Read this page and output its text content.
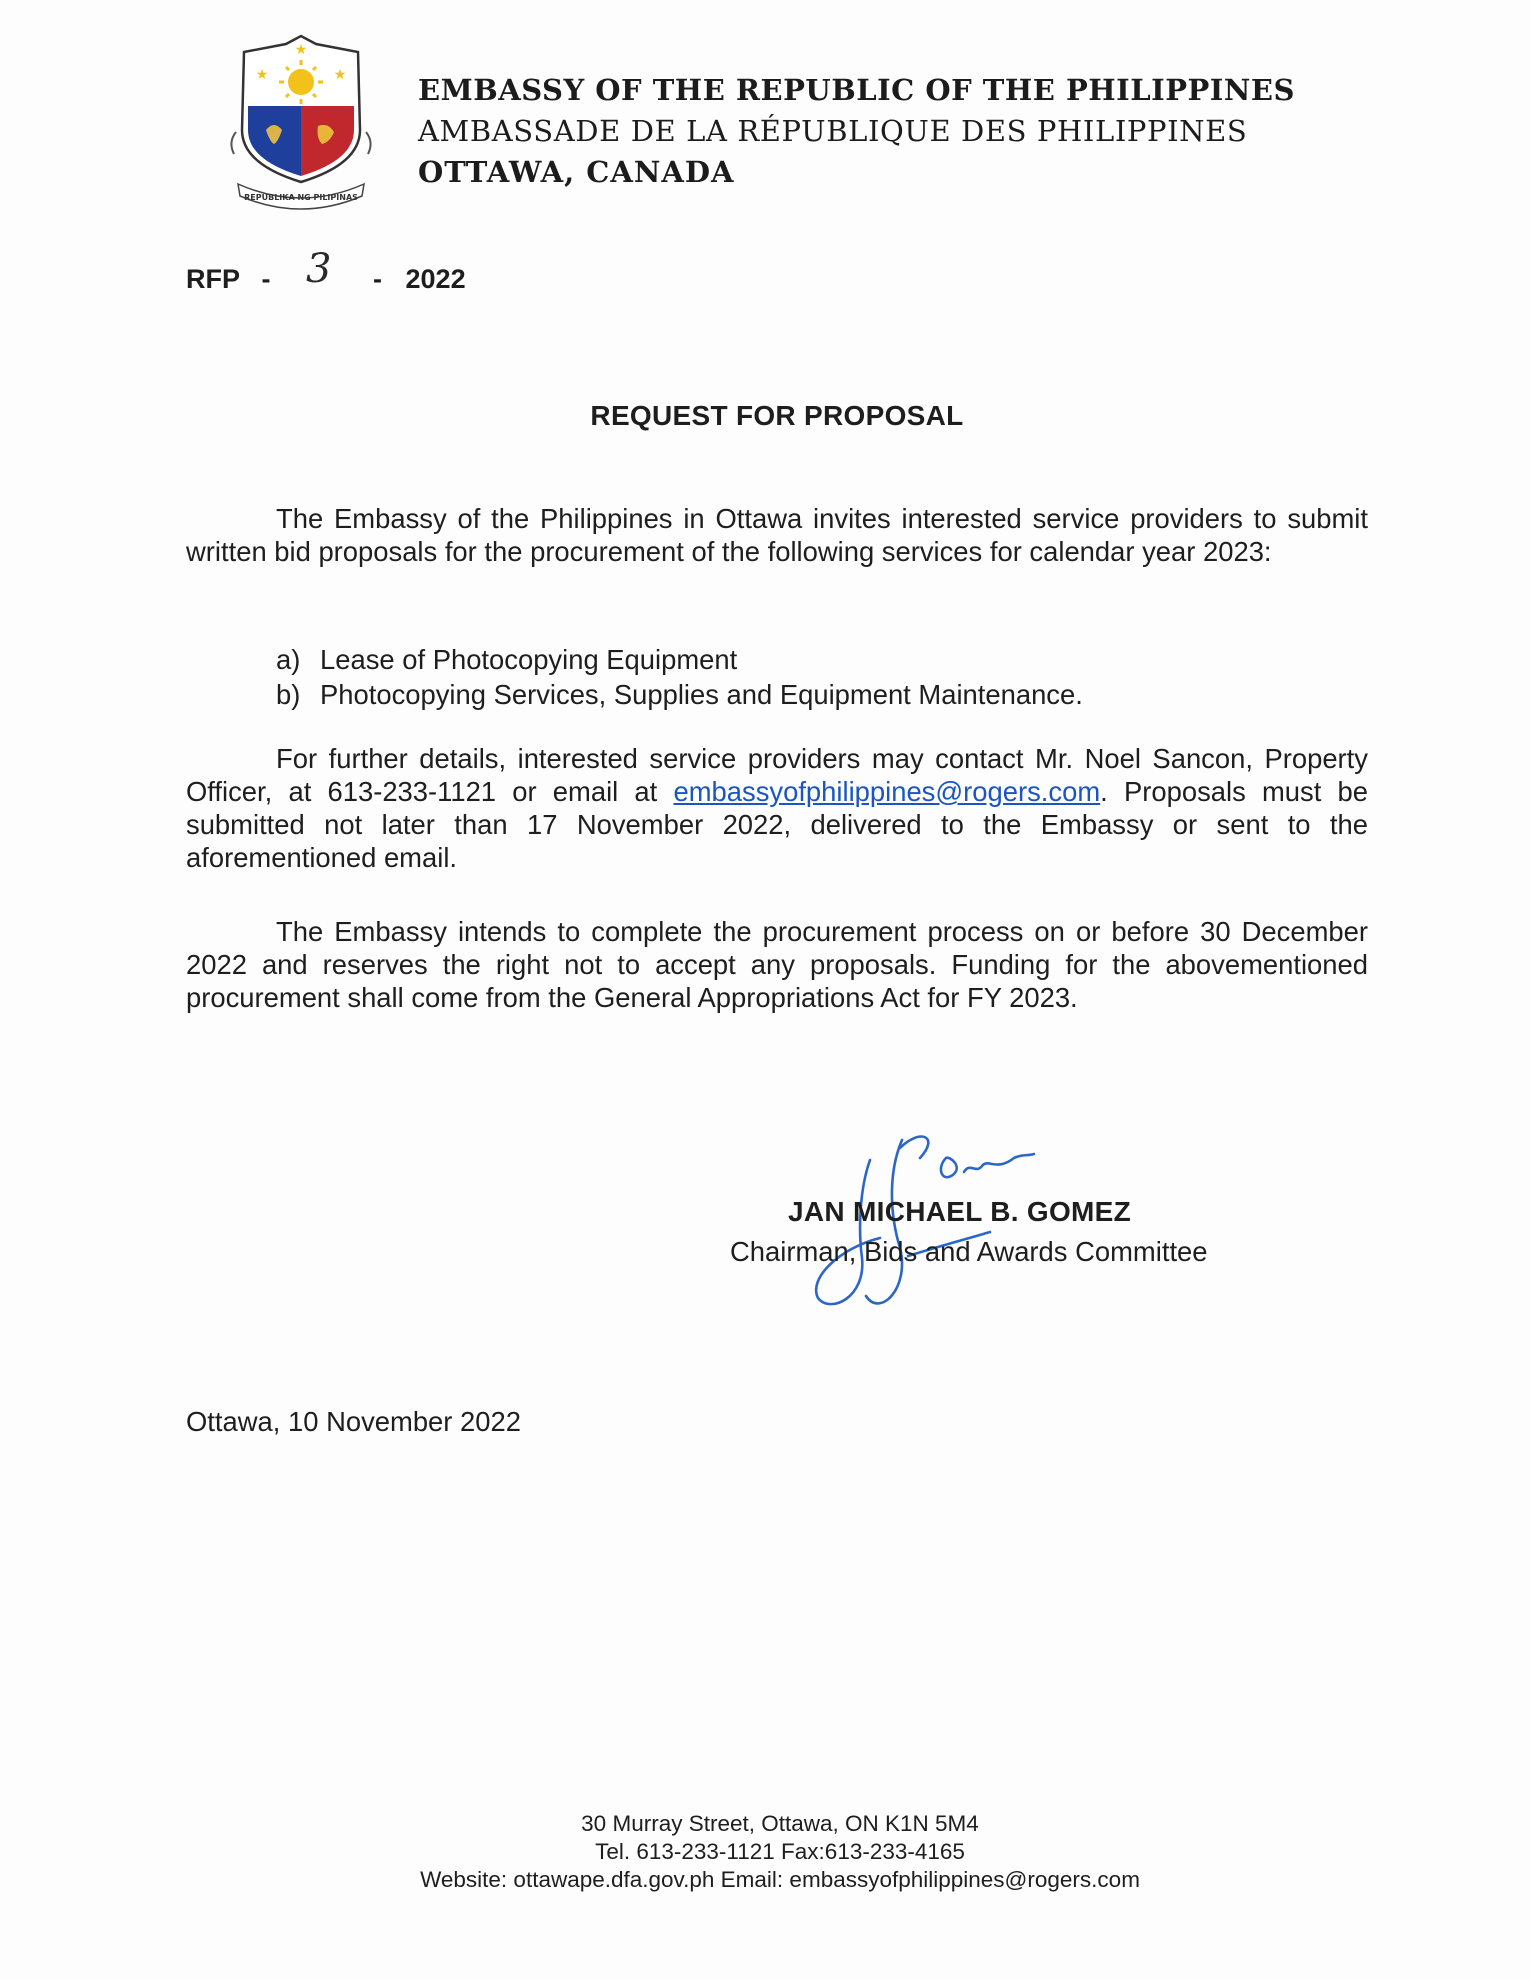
★
★	★
REPUBLIKA NG PILIPINAS
EMBASSY OF THE REPUBLIC OF THE PHILIPPINES
AMBASSADE DE LA RÉPUBLIQUE DES PHILIPPINES
OTTAWA, CANADA
RFP - 3 - 2022
REQUEST FOR PROPOSAL

The Embassy of the Philippines in Ottawa invites interested service providers to submit written bid proposals for the procurement of the following services for calendar year 2023:

a) Lease of Photocopying Equipment
b) Photocopying Services, Supplies and Equipment Maintenance.

For further details, interested service providers may contact Mr. Noel Sancon, Property Officer, at 613-233-1121 or email at embassyofphilippines@rogers.com. Proposals must be submitted not later than 17 November 2022, delivered to the Embassy or sent to the aforementioned email.

The Embassy intends to complete the procurement process on or before 30 December 2022 and reserves the right not to accept any proposals. Funding for the abovementioned procurement shall come from the General Appropriations Act for FY 2023.

JAN MICHAEL B. GOMEZ
Chairman, Bids and Awards Committee
Ottawa, 10 November 2022
30 Murray Street, Ottawa, ON K1N 5M4
Tel. 613-233-1121 Fax:613-233-4165
Website: ottawape.dfa.gov.ph Email: embassyofphilippines@rogers.com
